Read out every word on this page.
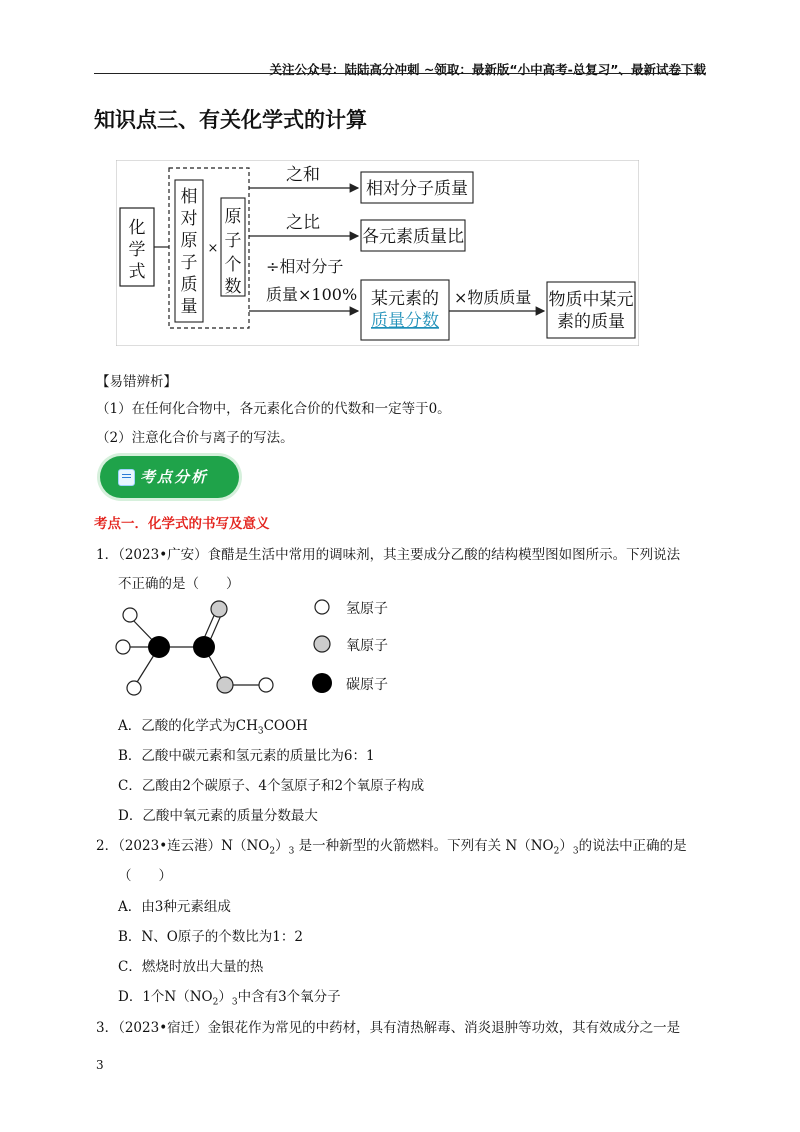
关注公众号：陆陆高分冲刺 ~领取：最新版“小中高考-总复习”、最新试卷下载
知识点三、有关化学式的计算
化
学
式
相
对
原
子
质
量
×
原
子
个
数
之和
之比
÷相对分子
质量×100%
相对分子质量
各元素质量比
某元素的
质量分数
×物质质量 物质中某元
素的质量
【易错辨析】
（1）在任何化合物中，各元素化合价的代数和一定等于0。
（2）注意化合价与离子的写法。
考点分析
考点一．化学式的书写及意义
1．（2023•广安）食醋是生活中常用的调味剂，其主要成分乙酸的结构模型图如图所示。下列说法
不正确的是（　　）
氢原子
氧原子
碳原子
A．乙酸的化学式为$CH_3COOH$
B．乙酸中碳元素和氢元素的质量比为6：1
C．乙酸由2个碳原子、4个氢原子和2个氧原子构成
D．乙酸中氧元素的质量分数最大
2．（2023•连云港）$N(NO_2)_3$ 是一种新型的火箭燃料。下列有关 $N(NO_2)_3$的说法中正确的是
（　　）
A．由3种元素组成
B．N、O原子的个数比为1：2
C．燃烧时放出大量的热
D．1个$N(NO_2)_3$中含有3个氧分子
3．（2023•宿迁）金银花作为常见的中药材，具有清热解毒、消炎退肿等功效，其有效成分之一是
3
